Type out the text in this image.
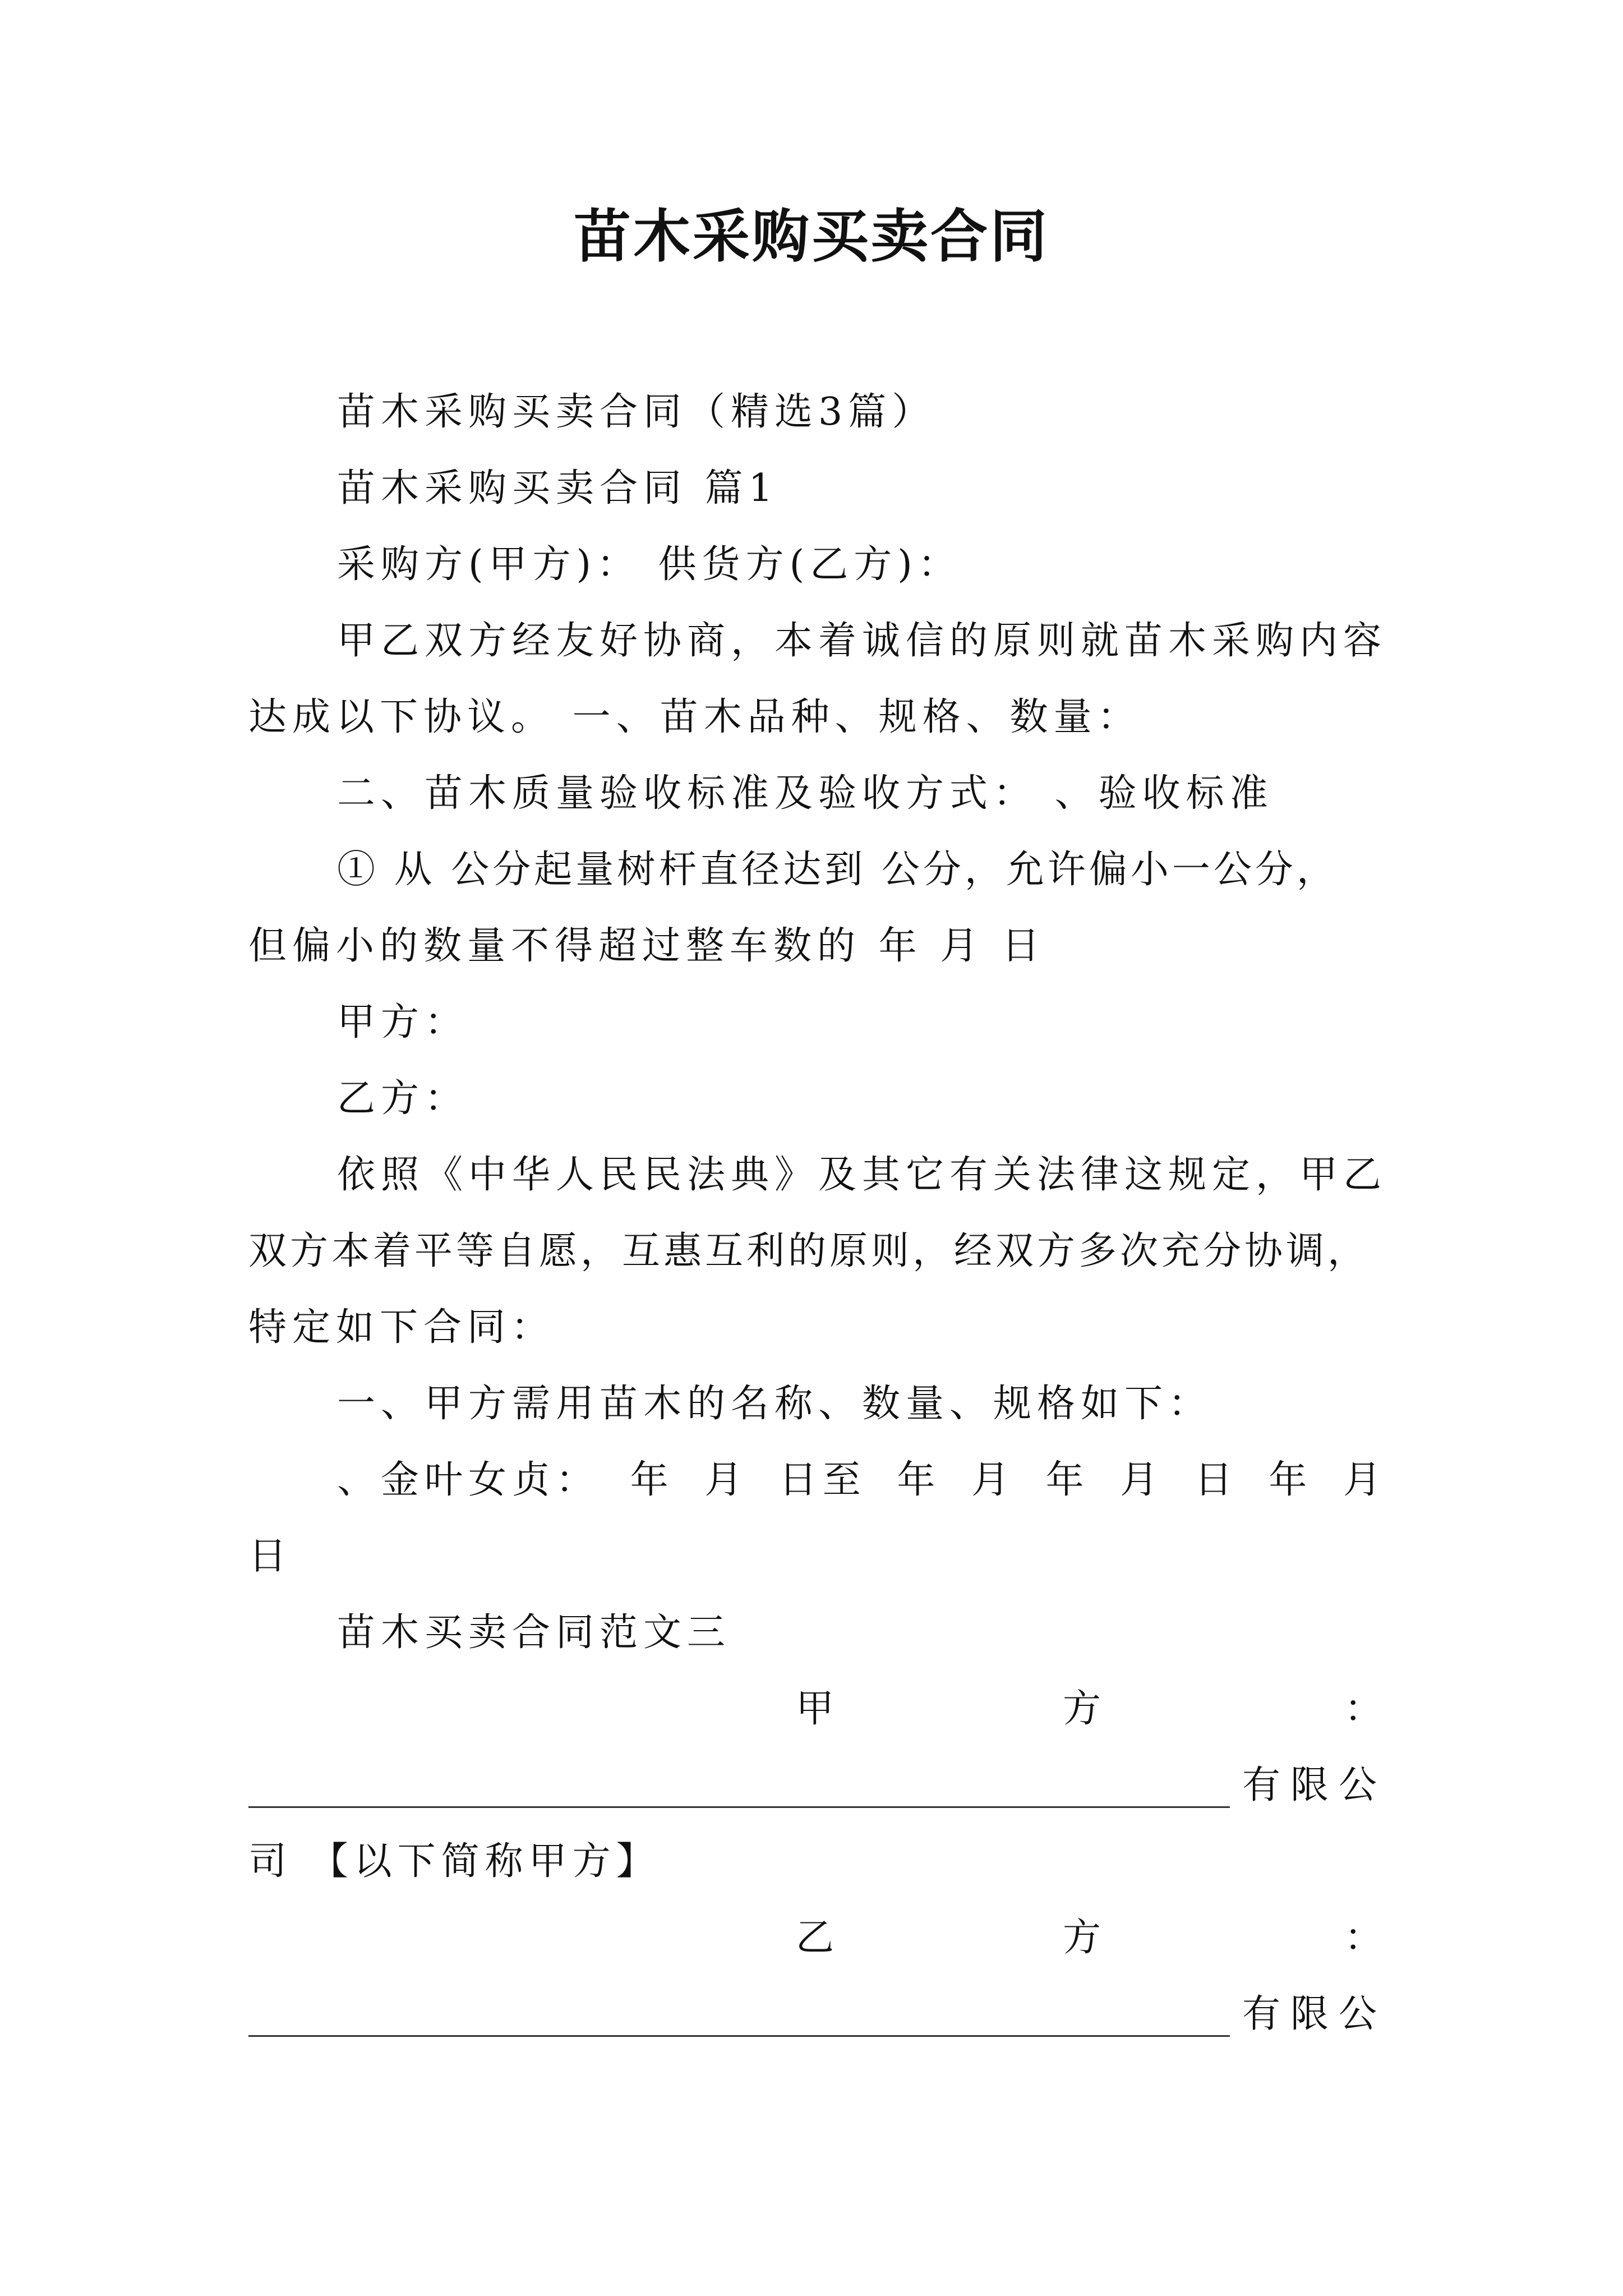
苗木采购买卖合同
苗木采购买卖合同（精选3篇）
苗木采购买卖合同 篇1
采购方(甲方)： 供货方(乙方)：
甲乙双方经友好协商，本着诚信的原则就苗木采购内容
达成以下协议。 一、苗木品种、规格、数量：
二、苗木质量验收标准及验收方式： 、验收标准
① 从 公分起量树杆直径达到 公分，允许偏小一公分，
但偏小的数量不得超过整车数的 年 月 日
甲方：
乙方：
依照《中华人民民法典》及其它有关法律这规定，甲乙
双方本着平等自愿，互惠互利的原则，经双方多次充分协调，
特定如下合同：
一、甲方需用苗木的名称、数量、规格如下：
、金叶女贞： 年 月 日至 年 月 年 月 日 年 月
日
苗木买卖合同范文三
甲	方	：
有限公
司 【以下简称甲方】
乙	方	：
有限公
